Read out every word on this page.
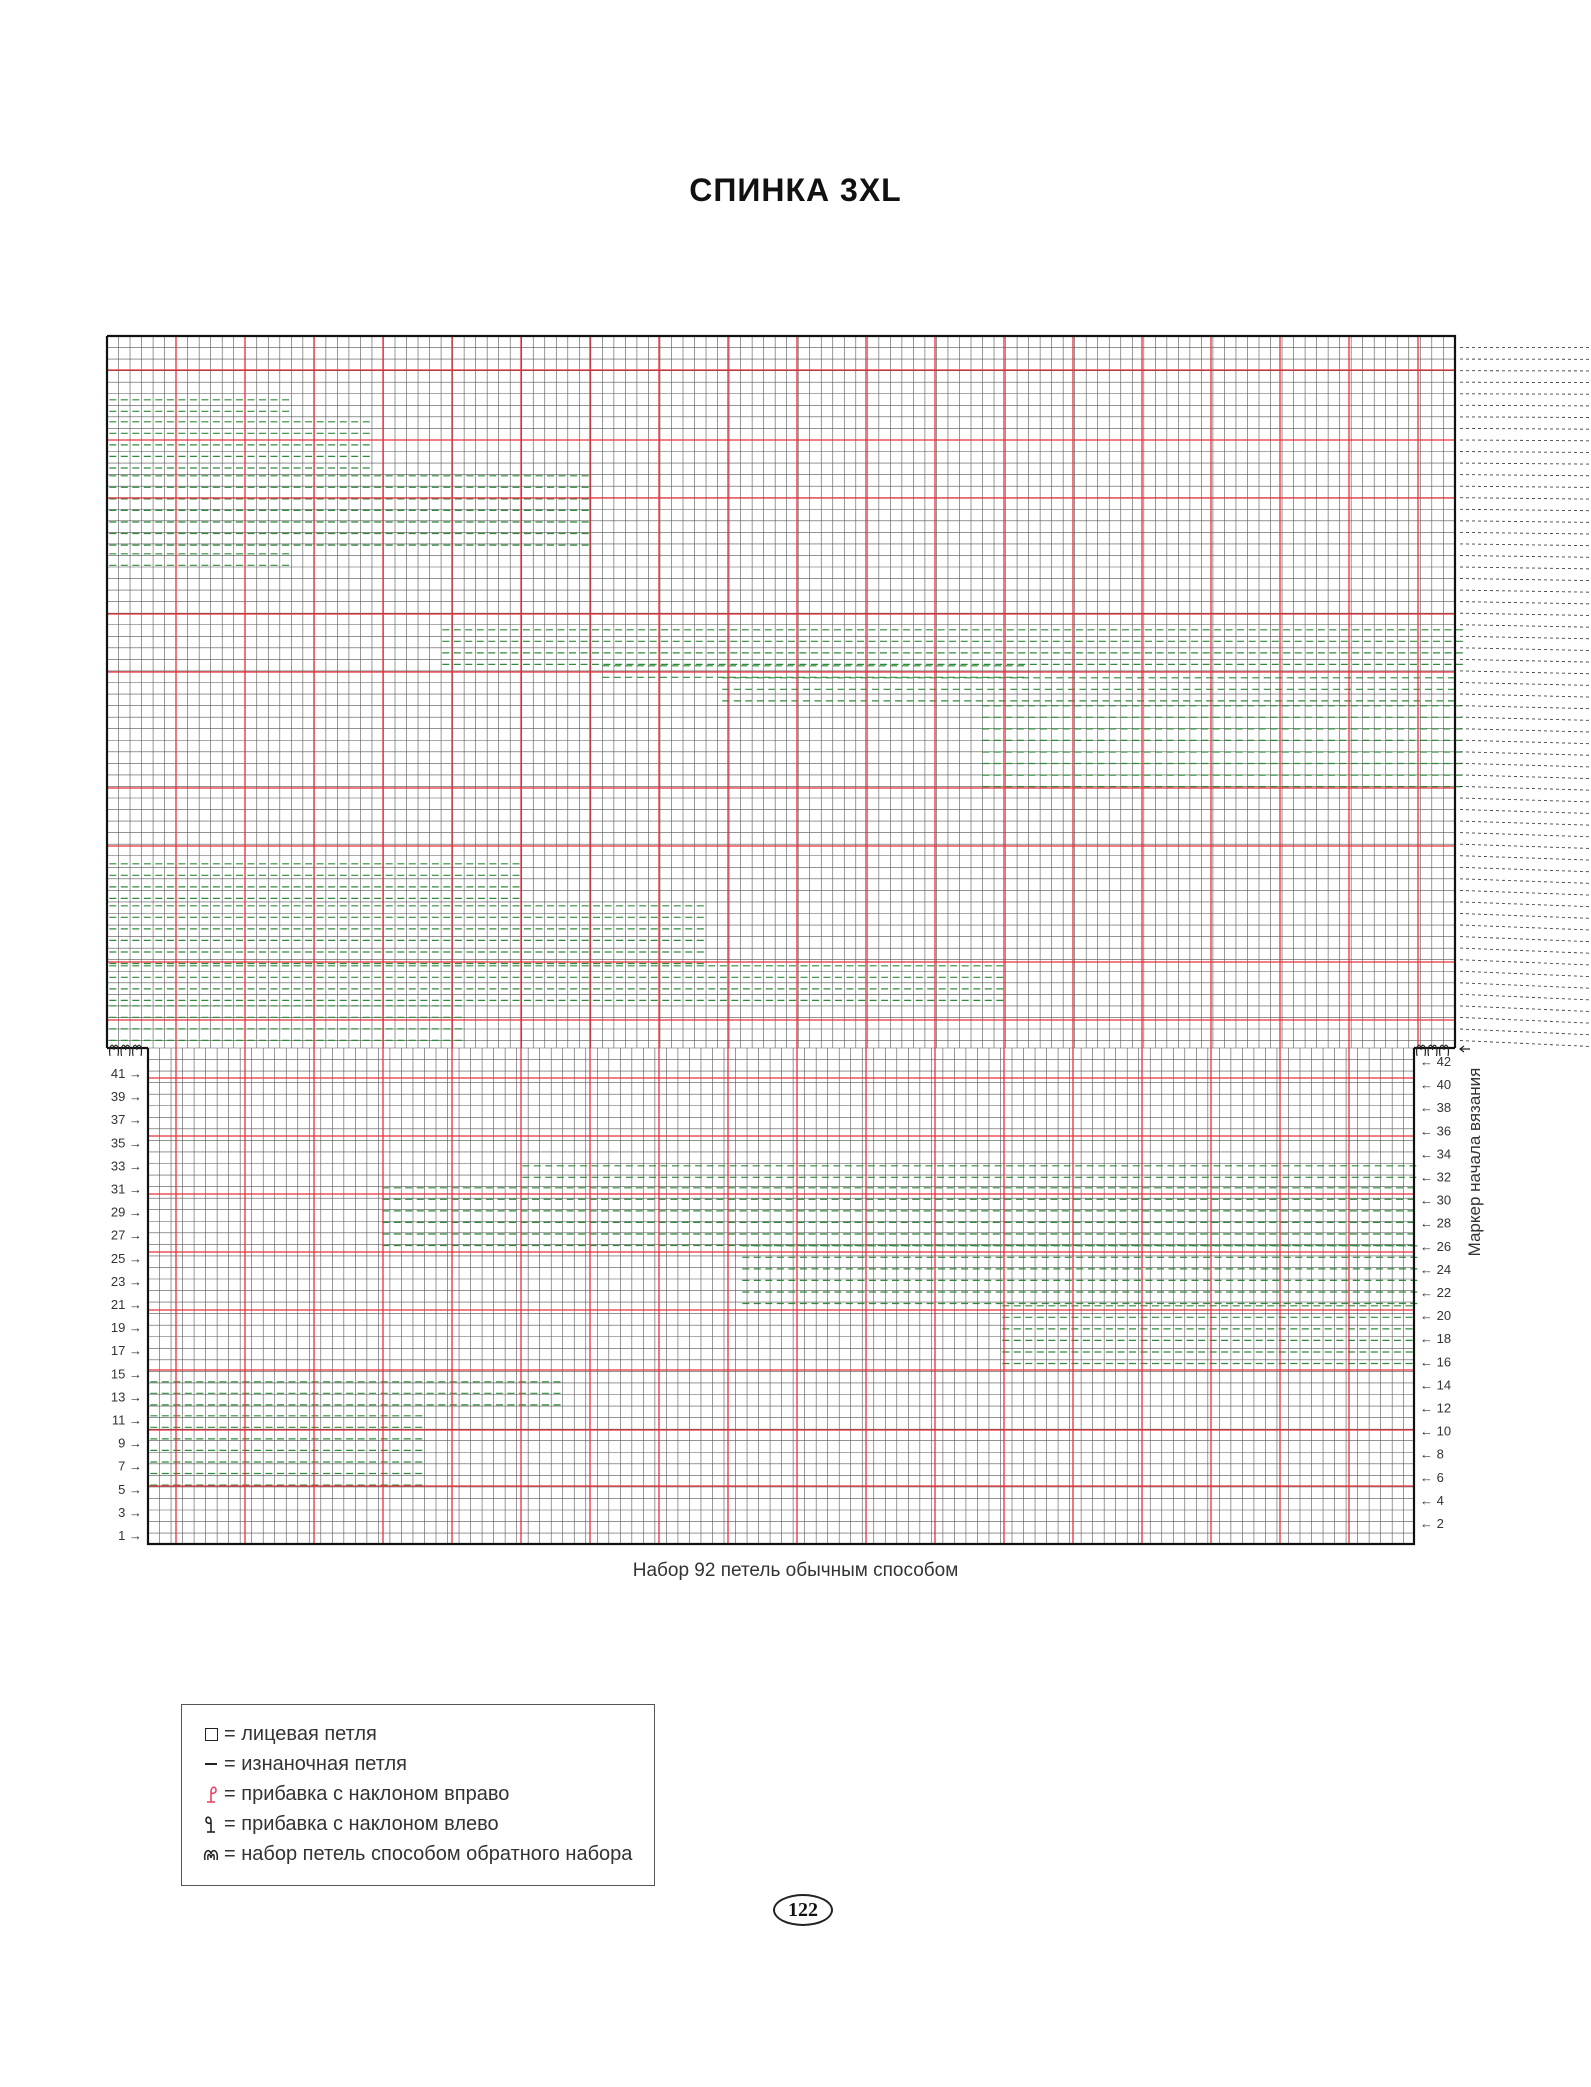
СПИНКА 3XL
1 →
3 →
5 →
7 →
9 →
11 →
13 →
15 →
17 →
19 →
21 →
23 →
25 →
27 →
29 →
31 →
33 →
35 →
37 →
39 →
41 →
← 2
← 4
← 6
← 8
← 10
← 12
← 14
← 16
← 18
← 20
← 22
← 24
← 26
← 28
← 30
← 32
← 34
← 36
← 38
← 40
← 42
Маркер начала вязания
Набор 92 петель обычным способом
= лицевая петля
= изнаночная петля
= прибавка с наклоном вправо
= прибавка с наклоном влево
= набор петель способом обратного набора
122
